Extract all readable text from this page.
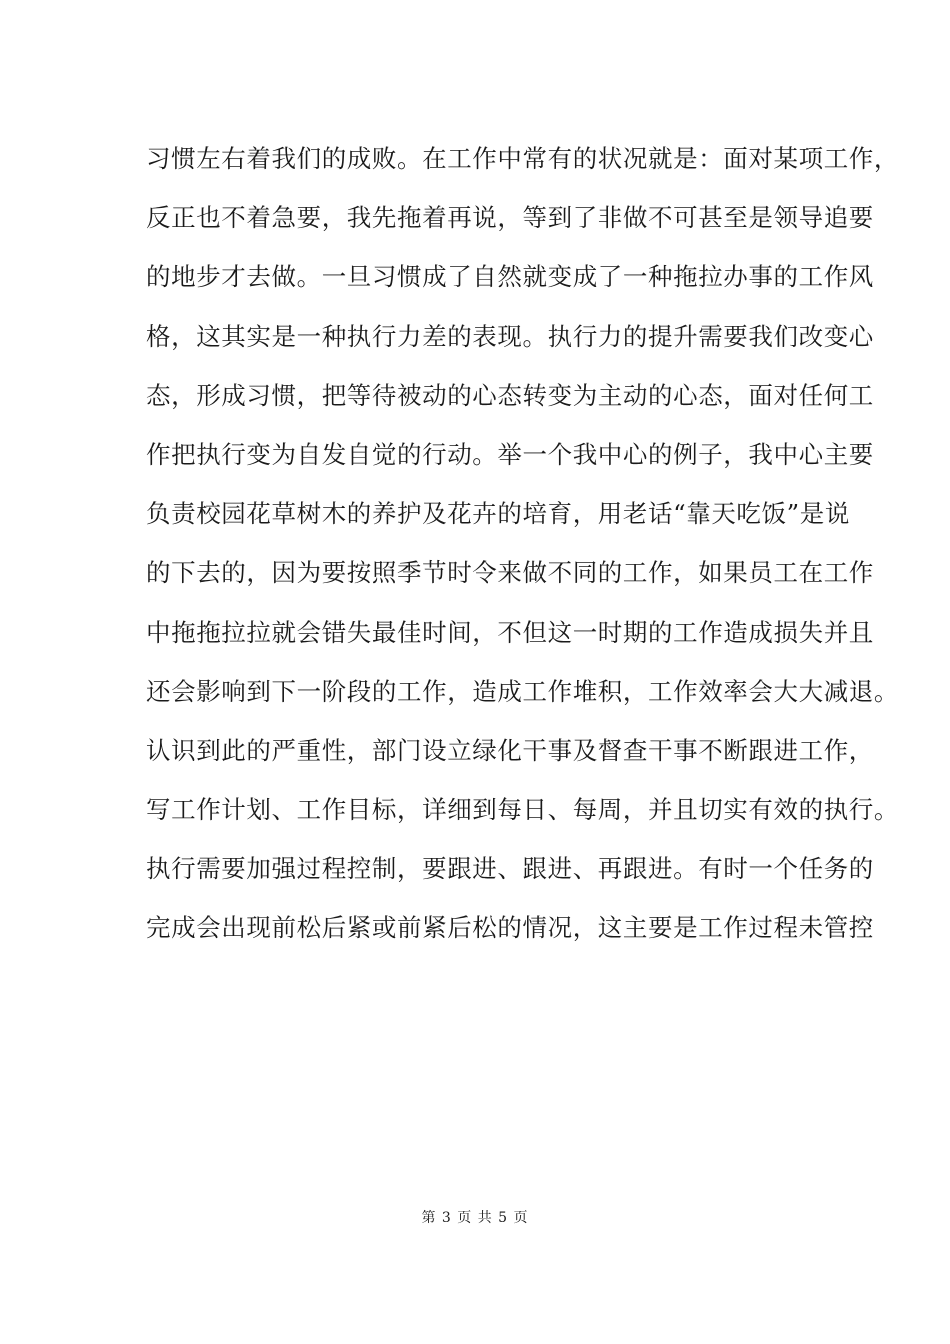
习惯左右着我们的成败。在工作中常有的状况就是：面对某项工作，
反正也不着急要，我先拖着再说，等到了非做不可甚至是领导追要
的地步才去做。一旦习惯成了自然就变成了一种拖拉办事的工作风
格，这其实是一种执行力差的表现。执行力的提升需要我们改变心
态，形成习惯，把等待被动的心态转变为主动的心态，面对任何工
作把执行变为自发自觉的行动。举一个我中心的例子，我中心主要
负责校园花草树木的养护及花卉的培育，用老话“靠天吃饭”是说
的下去的，因为要按照季节时令来做不同的工作，如果员工在工作
中拖拖拉拉就会错失最佳时间，不但这一时期的工作造成损失并且
还会影响到下一阶段的工作，造成工作堆积，工作效率会大大减退。
认识到此的严重性，部门设立绿化干事及督查干事不断跟进工作，
写工作计划、工作目标，详细到每日、每周，并且切实有效的执行。
执行需要加强过程控制，要跟进、跟进、再跟进。有时一个任务的
完成会出现前松后紧或前紧后松的情况，这主要是工作过程未管控
第 3 页 共 5 页
